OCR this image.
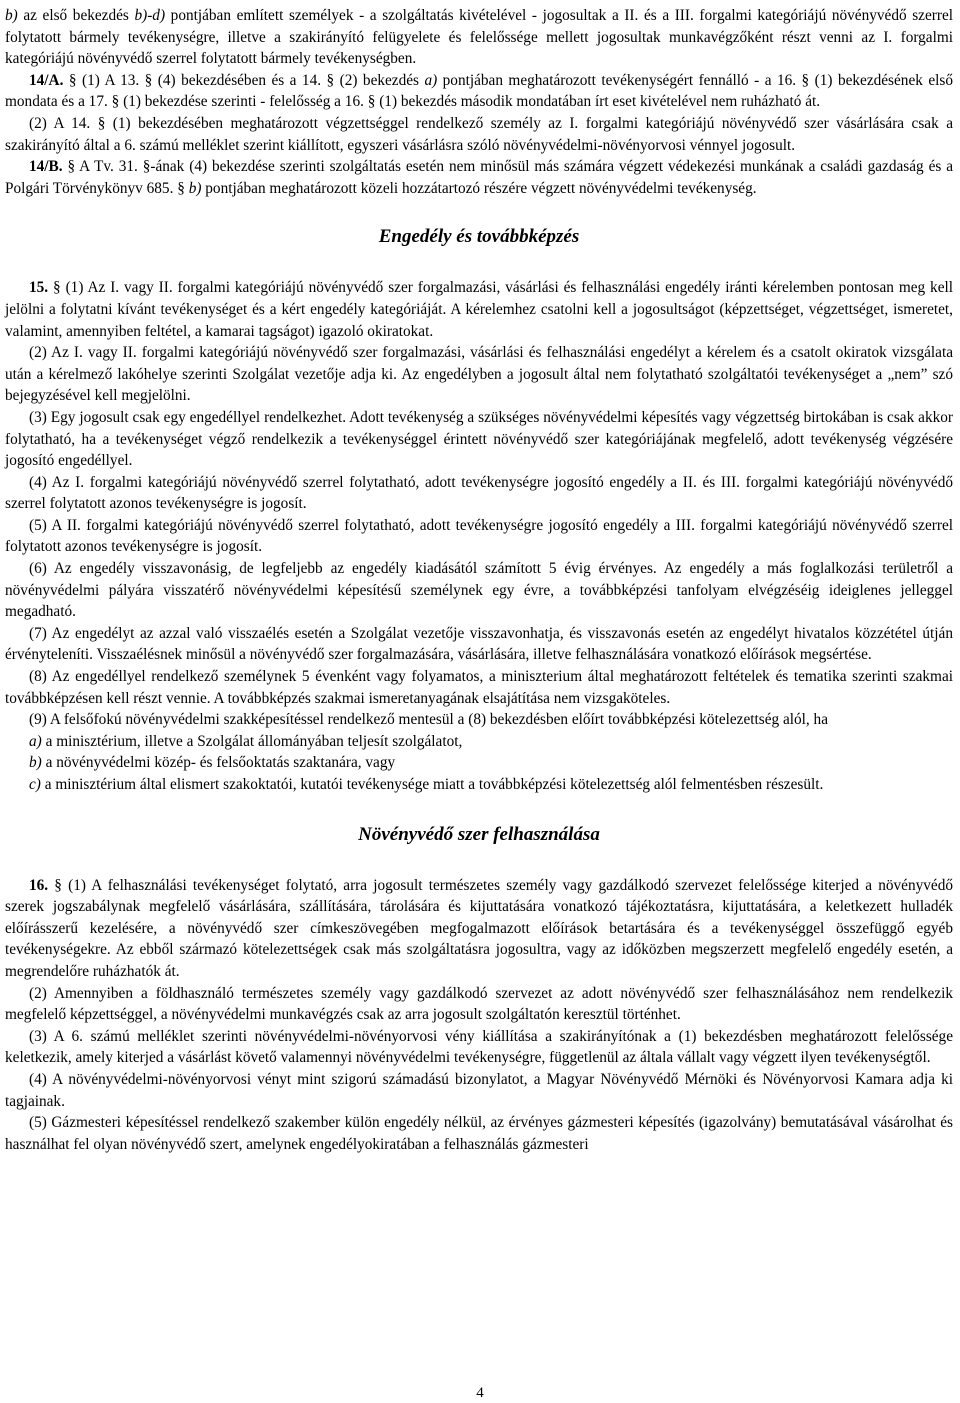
b) az első bekezdés b)-d) pontjában említett személyek - a szolgáltatás kivételével - jogosultak a II. és a III. forgalmi kategóriájú növényvédő szerrel folytatott bármely tevékenységre, illetve a szakirányító felügyelete és felelőssége mellett jogosultak munkavégzőként részt venni az I. forgalmi kategóriájú növényvédő szerrel folytatott bármely tevékenységben.

14/A. § (1) A 13. § (4) bekezdésében és a 14. § (2) bekezdés a) pontjában meghatározott tevékenységért fennálló - a 16. § (1) bekezdésének első mondata és a 17. § (1) bekezdése szerinti - felelősség a 16. § (1) bekezdés második mondatában írt eset kivételével nem ruházható át.

(2) A 14. § (1) bekezdésében meghatározott végzettséggel rendelkező személy az I. forgalmi kategóriájú növényvédő szer vásárlására csak a szakirányító által a 6. számú melléklet szerint kiállított, egyszeri vásárlásra szóló növényvédelmi-növényorvosi vénnyel jogosult.

14/B. § A Tv. 31. §-ának (4) bekezdése szerinti szolgáltatás esetén nem minősül más számára végzett védekezési munkának a családi gazdaság és a Polgári Törvénykönyv 685. § b) pontjában meghatározott közeli hozzátartozó részére végzett növényvédelmi tevékenység.

Engedély és továbbképzés

15. § (1) Az I. vagy II. forgalmi kategóriájú növényvédő szer forgalmazási, vásárlási és felhasználási engedély iránti kérelemben pontosan meg kell jelölni a folytatni kívánt tevékenységet és a kért engedély kategóriáját. A kérelemhez csatolni kell a jogosultságot (képzettséget, végzettséget, ismeretet, valamint, amennyiben feltétel, a kamarai tagságot) igazoló okiratokat.

(2) Az I. vagy II. forgalmi kategóriájú növényvédő szer forgalmazási, vásárlási és felhasználási engedélyt a kérelem és a csatolt okiratok vizsgálata után a kérelmező lakóhelye szerinti Szolgálat vezetője adja ki. Az engedélyben a jogosult által nem folytatható szolgáltatói tevékenységet a „nem” szó bejegyzésével kell megjelölni.

(3) Egy jogosult csak egy engedéllyel rendelkezhet. Adott tevékenység a szükséges növényvédelmi képesítés vagy végzettség birtokában is csak akkor folytatható, ha a tevékenységet végző rendelkezik a tevékenységgel érintett növényvédő szer kategóriájának megfelelő, adott tevékenység végzésére jogosító engedéllyel.

(4) Az I. forgalmi kategóriájú növényvédő szerrel folytatható, adott tevékenységre jogosító engedély a II. és III. forgalmi kategóriájú növényvédő szerrel folytatott azonos tevékenységre is jogosít.

(5) A II. forgalmi kategóriájú növényvédő szerrel folytatható, adott tevékenységre jogosító engedély a III. forgalmi kategóriájú növényvédő szerrel folytatott azonos tevékenységre is jogosít.

(6) Az engedély visszavonásig, de legfeljebb az engedély kiadásától számított 5 évig érvényes. Az engedély a más foglalkozási területről a növényvédelmi pályára visszatérő növényvédelmi képesítésű személynek egy évre, a továbbképzési tanfolyam elvégzéséig ideiglenes jelleggel megadható.

(7) Az engedélyt az azzal való visszaélés esetén a Szolgálat vezetője visszavonhatja, és visszavonás esetén az engedélyt hivatalos közzététel útján érvényteleníti. Visszaélésnek minősül a növényvédő szer forgalmazására, vásárlására, illetve felhasználására vonatkozó előírások megsértése.

(8) Az engedéllyel rendelkező személynek 5 évenként vagy folyamatos, a miniszterium által meghatározott feltételek és tematika szerinti szakmai továbbképzésen kell részt vennie. A továbbképzés szakmai ismeretanyagának elsajátítása nem vizsgaköteles.

(9) A felsőfokú növényvédelmi szakképesítéssel rendelkező mentesül a (8) bekezdésben előírt továbbképzési kötelezettség alól, ha

a) a minisztérium, illetve a Szolgálat állományában teljesít szolgálatot,

b) a növényvédelmi közép- és felsőoktatás szaktanára, vagy

c) a minisztérium által elismert szakoktatói, kutatói tevékenysége miatt a továbbképzési kötelezettség alól felmentésben részesült.

Növényvédő szer felhasználása

16. § (1) A felhasználási tevékenységet folytató, arra jogosult természetes személy vagy gazdálkodó szervezet felelőssége kiterjed a növényvédő szerek jogszabálynak megfelelő vásárlására, szállítására, tárolására és kijuttatására vonatkozó tájékoztatásra, kijuttatására, a keletkezett hulladék előírásszerű kezelésére, a növényvédő szer címkeszövegében megfogalmazott előírások betartására és a tevékenységgel összefüggő egyéb tevékenységekre. Az ebből származó kötelezettségek csak más szolgáltatásra jogosultra, vagy az időközben megszerzett megfelelő engedély esetén, a megrendelőre ruházhatók át.

(2) Amennyiben a földhasználó természetes személy vagy gazdálkodó szervezet az adott növényvédő szer felhasználásához nem rendelkezik megfelelő képzettséggel, a növényvédelmi munkavégzés csak az arra jogosult szolgáltatón keresztül történhet.

(3) A 6. számú melléklet szerinti növényvédelmi-növényorvosi vény kiállítása a szakirányítónak a (1) bekezdésben meghatározott felelőssége keletkezik, amely kiterjed a vásárlást követő valamennyi növényvédelmi tevékenységre, függetlenül az általa vállalt vagy végzett ilyen tevékenységtől.

(4) A növényvédelmi-növényorvosi vényt mint szigorú számadású bizonylatot, a Magyar Növényvédő Mérnöki és Növényorvosi Kamara adja ki tagjainak.

(5) Gázmesteri képesítéssel rendelkező szakember külön engedély nélkül, az érvényes gázmesteri képesítés (igazolvány) bemutatásával vásárolhat és használhat fel olyan növényvédő szert, amelynek engedélyokiratában a felhasználás gázmesteri

4
